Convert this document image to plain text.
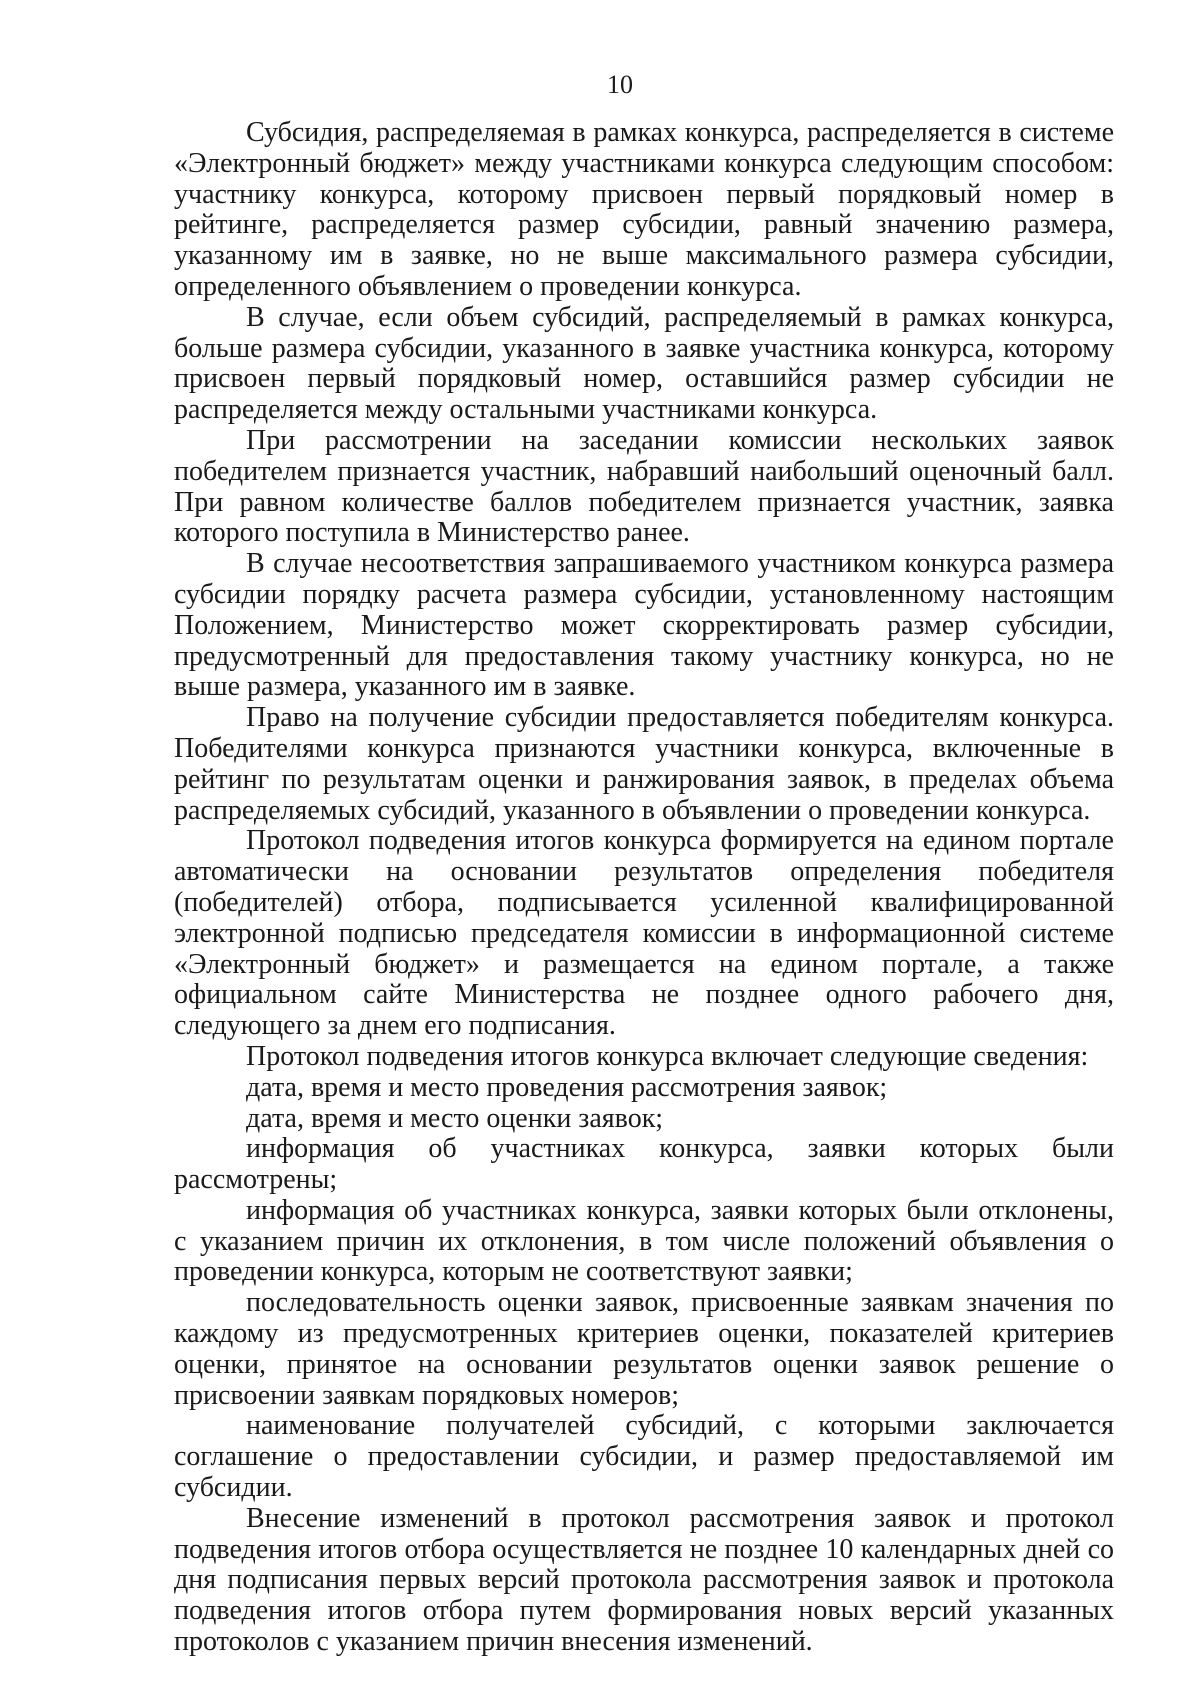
10

Субсидия, распределяемая в рамках конкурса, распределяется в системе «Электронный бюджет» между участниками конкурса следующим способом: участнику конкурса, которому присвоен первый порядковый номер в рейтинге, распределяется размер субсидии, равный значению размера, указанному им в заявке, но не выше максимального размера субсидии, определенного объявлением о проведении конкурса.

В случае, если объем субсидий, распределяемый в рамках конкурса, больше размера субсидии, указанного в заявке участника конкурса, которому присвоен первый порядковый номер, оставшийся размер субсидии не распределяется между остальными участниками конкурса.

При рассмотрении на заседании комиссии нескольких заявок победителем признается участник, набравший наибольший оценочный балл. При равном количестве баллов победителем признается участник, заявка которого поступила в Министерство ранее.

В случае несоответствия запрашиваемого участником конкурса размера субсидии порядку расчета размера субсидии, установленному настоящим Положением, Министерство может скорректировать размер субсидии, предусмотренный для предоставления такому участнику конкурса, но не выше размера, указанного им в заявке.

Право на получение субсидии предоставляется победителям конкурса. Победителями конкурса признаются участники конкурса, включенные в рейтинг по результатам оценки и ранжирования заявок, в пределах объема распределяемых субсидий, указанного в объявлении о проведении конкурса.

Протокол подведения итогов конкурса формируется на едином портале автоматически на основании результатов определения победителя (победителей) отбора, подписывается усиленной квалифицированной электронной подписью председателя комиссии в информационной системе «Электронный бюджет» и размещается на едином портале, а также официальном сайте Министерства не позднее одного рабочего дня, следующего за днем его подписания.

Протокол подведения итогов конкурса включает следующие сведения:

дата, время и место проведения рассмотрения заявок;

дата, время и место оценки заявок;

информация об участниках конкурса, заявки которых были рассмотрены;

информация об участниках конкурса, заявки которых были отклонены, с указанием причин их отклонения, в том числе положений объявления о проведении конкурса, которым не соответствуют заявки;

последовательность оценки заявок, присвоенные заявкам значения по каждому из предусмотренных критериев оценки, показателей критериев оценки, принятое на основании результатов оценки заявок решение о присвоении заявкам порядковых номеров;

наименование получателей субсидий, с которыми заключается соглашение о предоставлении субсидии, и размер предоставляемой им субсидии.

Внесение изменений в протокол рассмотрения заявок и протокол подведения итогов отбора осуществляется не позднее 10 календарных дней со дня подписания первых версий протокола рассмотрения заявок и протокола подведения итогов отбора путем формирования новых версий указанных протоколов с указанием причин внесения изменений.
